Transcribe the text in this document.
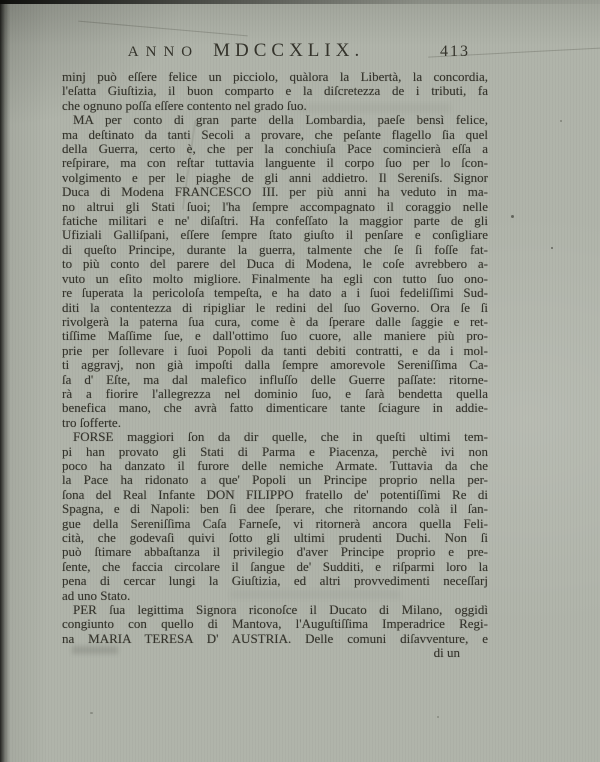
ANNO MDCCXLIX.	413
minj può eſſere felice un picciolo, quàlora la Libertà, la concordia,
l'eſatta Giuſtizia, il buon comparto e la diſcretezza de i tributi, fa
che ognuno poſſa eſſere contento nel grado ſuo.
MA per conto di gran parte della Lombardia, paeſe bensì felice,
ma deſtinato da tanti Secoli a provare, che peſante flagello ſia quel
della Guerra, certo è, che per la conchiuſa Pace comincierà eſſa a
reſpirare, ma con reſtar tuttavia languente il corpo ſuo per lo ſcon-
volgimento e per le piaghe de gli anni addietro. Il Sereniſs. Signor
Duca di Modena FRANCESCO III. per più anni ha veduto in ma-
no altrui gli Stati ſuoi; l'ha ſempre accompagnato il coraggio nelle
fatiche militari e ne' diſaſtri. Ha confeſſato la maggior parte de gli
Ufiziali Galliſpani, eſſere ſempre ſtato giuſto il penſare e conſigliare
di queſto Principe, durante la guerra, talmente che ſe ſi foſſe fat-
to più conto del parere del Duca di Modena, le coſe avrebbero a-
vuto un eſito molto migliore. Finalmente ha egli con tutto ſuo ono-
re ſuperata la pericoloſa tempeſta, e ha dato a i ſuoi fedeliſſimi Sud-
diti la contentezza di ripigliar le redini del ſuo Governo. Ora ſe ſi
rivolgerà la paterna ſua cura, come è da ſperare dalle ſaggie e ret-
tiſſime Maſſime ſue, e dall'ottimo ſuo cuore, alle maniere più pro-
prie per ſollevare i ſuoi Popoli da tanti debiti contratti, e da i mol-
ti aggravj, non già impoſti dalla ſempre amorevole Sereniſſima Ca-
ſa d' Eſte, ma dal malefico influſſo delle Guerre paſſate: ritorne-
rà a fiorire l'allegrezza nel dominio ſuo, e ſarà bendetta quella
benefica mano, che avrà fatto dimenticare tante ſciagure in addie-
tro ſofferte.
FORSE maggiori ſon da dir quelle, che in queſti ultimi tem-
pi han provato gli Stati di Parma e Piacenza, perchè ivi non
poco ha danzato il furore delle nemiche Armate. Tuttavia da che
la Pace ha ridonato a que' Popoli un Principe proprio nella per-
ſona del Real Infante DON FILIPPO fratello de' potentiſſimi Re di
Spagna, e di Napoli: ben ſi dee ſperare, che ritornando colà il ſan-
gue della Sereniſſima Caſa Farneſe, vi ritornerà ancora quella Feli-
cità, che godevaſi quivi ſotto gli ultimi prudenti Duchi. Non ſi
può ſtimare abbaſtanza il privilegio d'aver Principe proprio e pre-
ſente, che faccia circolare il ſangue de' Sudditi, e riſparmi loro la
pena di cercar lungi la Giuſtizia, ed altri provvedimenti neceſſarj
ad uno Stato.
PER ſua legittima Signora riconoſce il Ducato di Milano, oggidì
congiunto con quello di Mantova, l'Auguſtiſſima Imperadrice Regi-
na MARIA TERESA D' AUSTRIA. Delle comuni diſavventure, e
di un
